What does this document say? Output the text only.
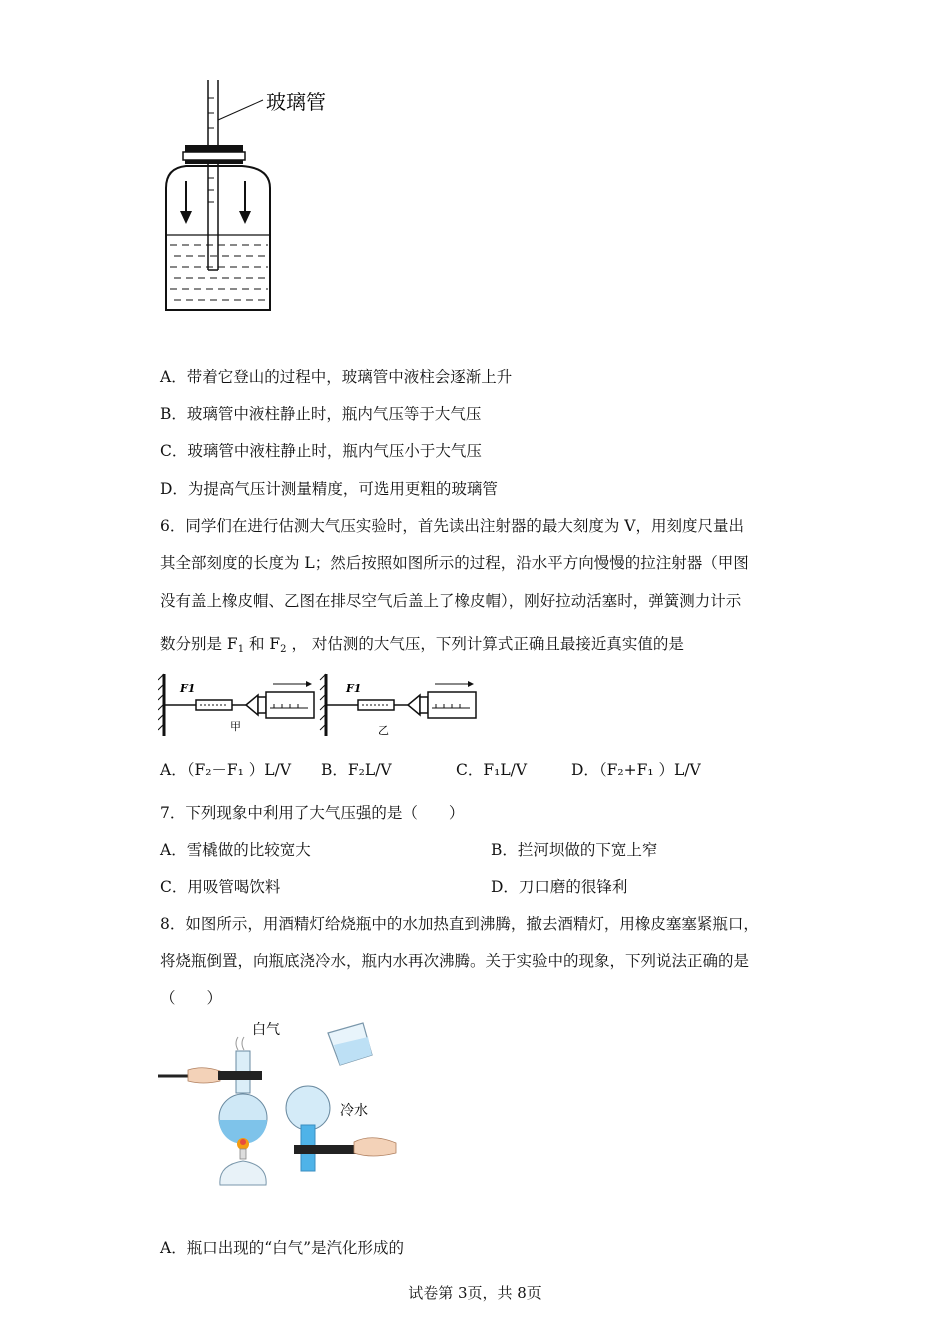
玻璃管
A．带着它登山的过程中，玻璃管中液柱会逐渐上升
B．玻璃管中液柱静止时，瓶内气压等于大气压
C．玻璃管中液柱静止时，瓶内气压小于大气压
D．为提高气压计测量精度，可选用更粗的玻璃管
6．同学们在进行估测大气压实验时，首先读出注射器的最大刻度为 V，用刻度尺量出
其全部刻度的长度为 L；然后按照如图所示的过程，沿水平方向慢慢的拉注射器（甲图
没有盖上橡皮帽、乙图在排尽空气后盖上了橡皮帽），刚好拉动活塞时，弹簧测力计示
数分别是 $F_1$ 和 $F_2$ ， 对估测的大气压，下列计算式正确且最接近真实值的是
F1
甲
F1
乙
A．（F₂－F₁ ）L/V B．F₂L/V	C．F₁L/V	D．（F₂+F₁ ）L/V
7．下列现象中利用了大气压强的是（　　）
A．雪橇做的比较宽大	B．拦河坝做的下宽上窄
C．用吸管喝饮料	D．刀口磨的很锋利
8．如图所示，用酒精灯给烧瓶中的水加热直到沸腾，撤去酒精灯，用橡皮塞塞紧瓶口，
将烧瓶倒置，向瓶底浇冷水，瓶内水再次沸腾。关于实验中的现象，下列说法正确的是
（　　）
白气
冷水
A．瓶口出现的“白气”是汽化形成的
试卷第 3页，共 8页
